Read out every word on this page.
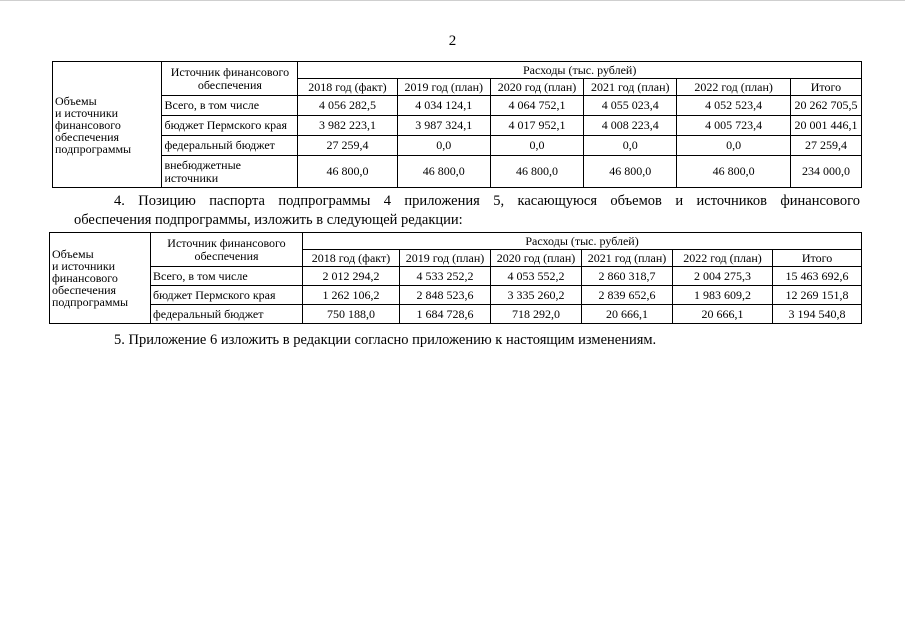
2
Объемы
и источники
финансового
обеспечения
подпрограммы	Источник финансового обеспечения	Расходы (тыс. рублей)					
		2018 год (факт)	2019 год (план)	2020 год (план)	2021 год (план)	2022 год (план)	Итого
	Всего, в том числе	4 056 282,5	4 034 124,1	4 064 752,1	4 055 023,4	4 052 523,4	20 262 705,5
	бюджет Пермского края	3 982 223,1	3 987 324,1	4 017 952,1	4 008 223,4	4 005 723,4	20 001 446,1
	федеральный бюджет	27 259,4	0,0	0,0	0,0	0,0	27 259,4
	внебюджетные источники	46 800,0	46 800,0	46 800,0	46 800,0	46 800,0	234 000,0
4. Позицию паспорта подпрограммы 4 приложения 5, касающуюся объемов и источников финансового
обеспечения подпрограммы, изложить в следующей редакции:
Объемы
и источники
финансового
обеспечения
подпрограммы	Источник финансового обеспечения	Расходы (тыс. рублей)					
		2018 год (факт)	2019 год (план)	2020 год (план)	2021 год (план)	2022 год (план)	Итого
	Всего, в том числе	2 012 294,2	4 533 252,2	4 053 552,2	2 860 318,7	2 004 275,3	15 463 692,6
	бюджет Пермского края	1 262 106,2	2 848 523,6	3 335 260,2	2 839 652,6	1 983 609,2	12 269 151,8
	федеральный бюджет	750 188,0	1 684 728,6	718 292,0	20 666,1	20 666,1	3 194 540,8
5. Приложение 6 изложить в редакции согласно приложению к настоящим изменениям.
